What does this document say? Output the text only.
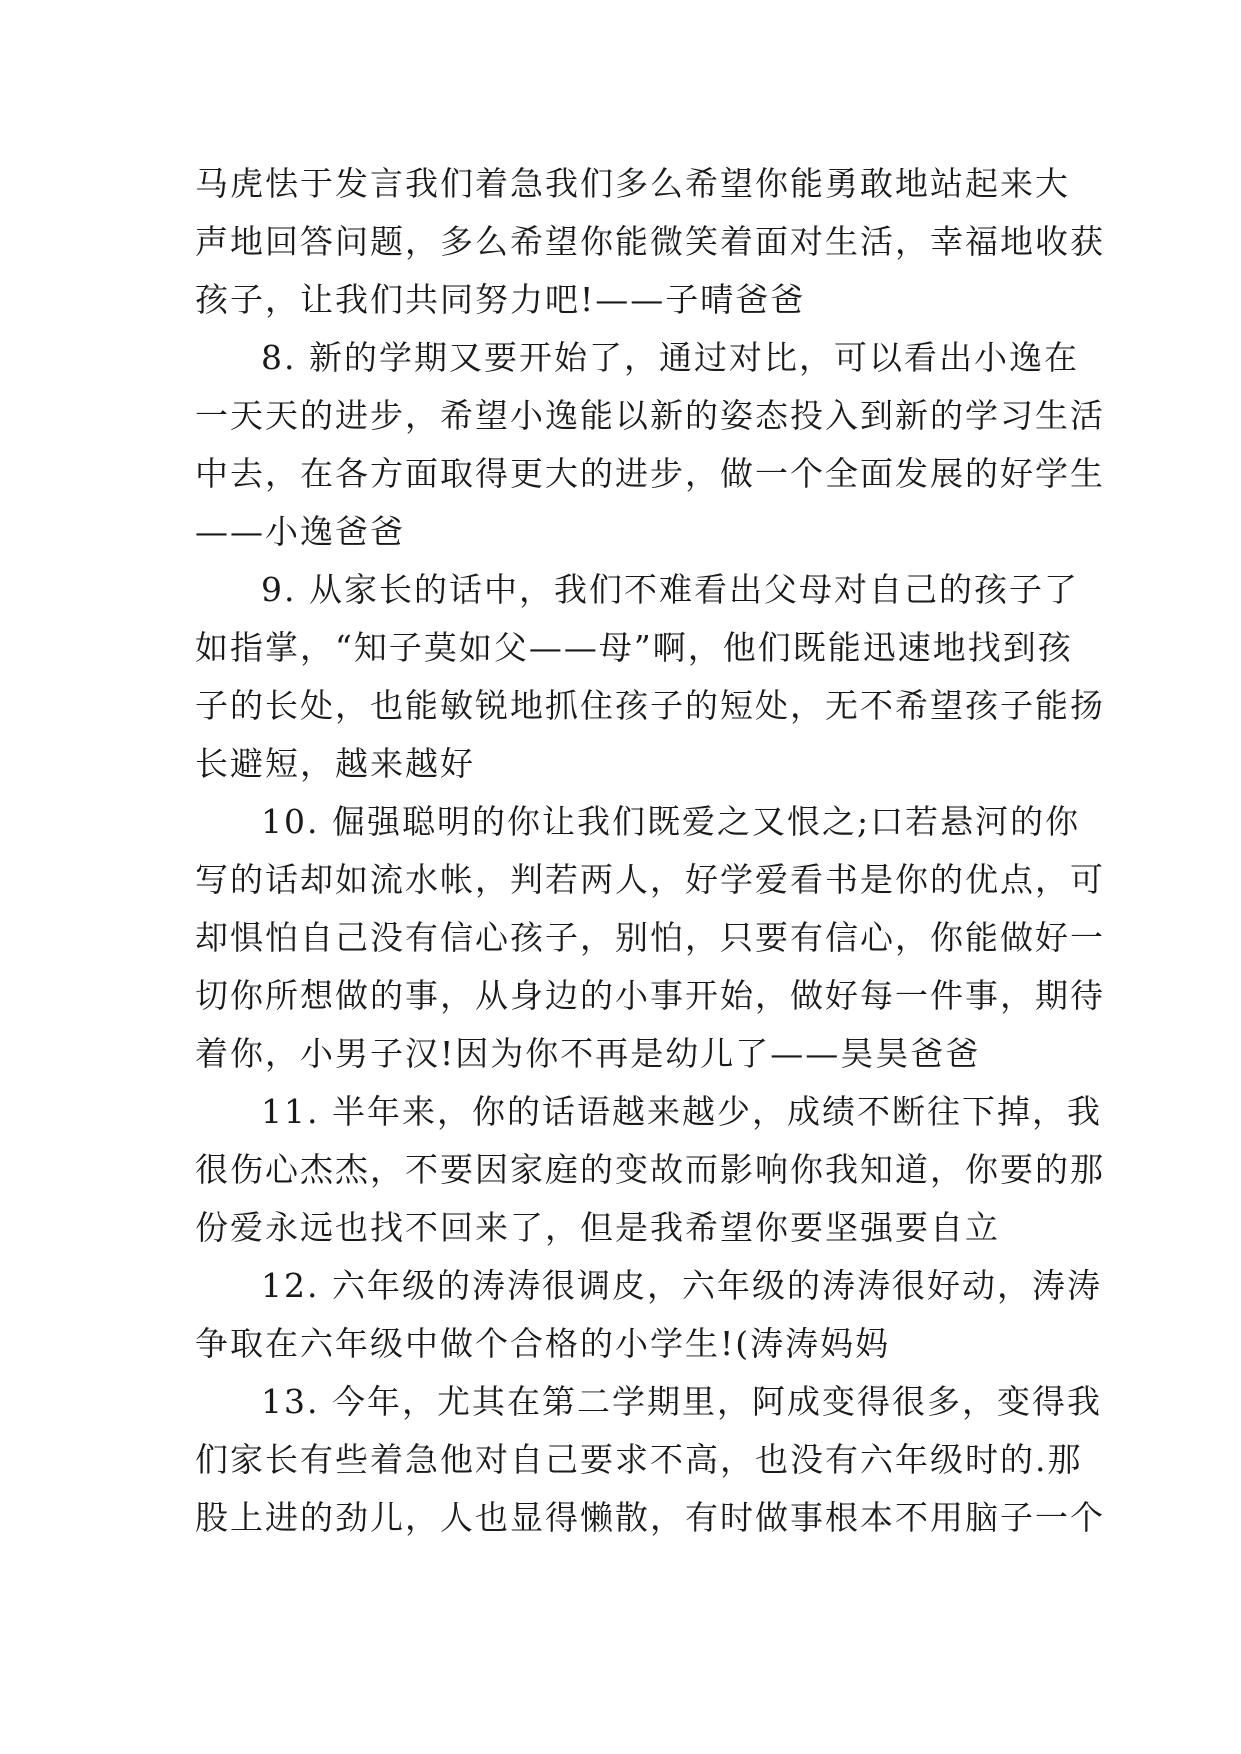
马虎怯于发言我们着急我们多么希望你能勇敢地站起来大
声地回答问题，多么希望你能微笑着面对生活，幸福地收获
孩子，让我们共同努力吧!——子晴爸爸
8. 新的学期又要开始了，通过对比，可以看出小逸在
一天天的进步，希望小逸能以新的姿态投入到新的学习生活
中去，在各方面取得更大的进步，做一个全面发展的好学生
——小逸爸爸
9. 从家长的话中，我们不难看出父母对自己的孩子了
如指掌，“知子莫如父——母”啊，他们既能迅速地找到孩
子的长处，也能敏锐地抓住孩子的短处，无不希望孩子能扬
长避短，越来越好
10. 倔强聪明的你让我们既爱之又恨之;口若悬河的你
写的话却如流水帐，判若两人，好学爱看书是你的优点，可
却惧怕自己没有信心孩子，别怕，只要有信心，你能做好一
切你所想做的事，从身边的小事开始，做好每一件事，期待
着你，小男子汉!因为你不再是幼儿了——昊昊爸爸
11. 半年来，你的话语越来越少，成绩不断往下掉，我
很伤心杰杰，不要因家庭的变故而影响你我知道，你要的那
份爱永远也找不回来了，但是我希望你要坚强要自立
12. 六年级的涛涛很调皮，六年级的涛涛很好动，涛涛
争取在六年级中做个合格的小学生!(涛涛妈妈
13. 今年，尤其在第二学期里，阿成变得很多，变得我
们家长有些着急他对自己要求不高，也没有六年级时的.那
股上进的劲儿，人也显得懒散，有时做事根本不用脑子一个
